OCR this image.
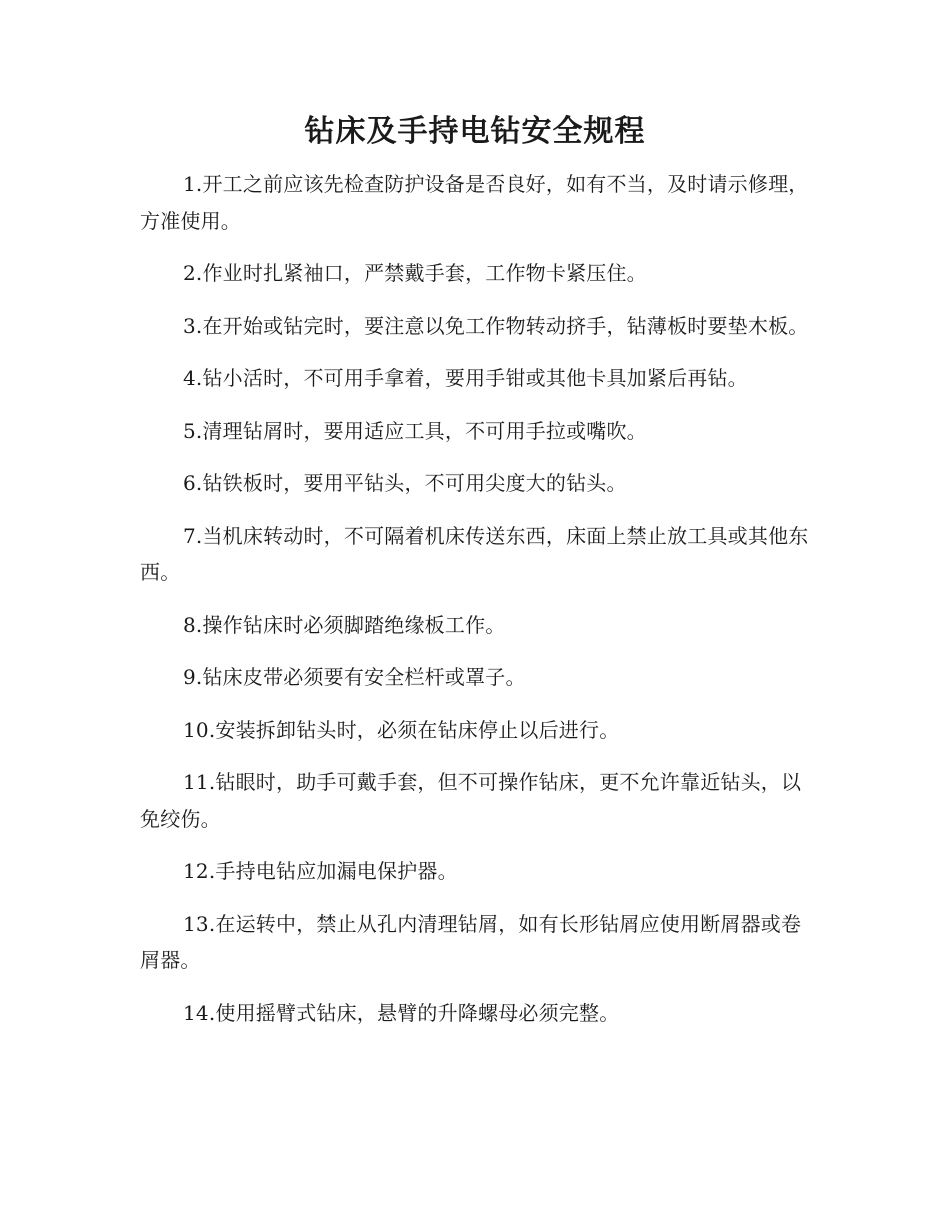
钻床及手持电钻安全规程

1.开工之前应该先检查防护设备是否良好，如有不当，及时请示修理，方准使用。

2.作业时扎紧袖口，严禁戴手套，工作物卡紧压住。

3.在开始或钻完时，要注意以免工作物转动挤手，钻薄板时要垫木板。

4.钻小活时，不可用手拿着，要用手钳或其他卡具加紧后再钻。

5.清理钻屑时，要用适应工具，不可用手拉或嘴吹。

6.钻铁板时，要用平钻头，不可用尖度大的钻头。

7.当机床转动时，不可隔着机床传送东西，床面上禁止放工具或其他东西。

8.操作钻床时必须脚踏绝缘板工作。

9.钻床皮带必须要有安全栏杆或罩子。

10.安装拆卸钻头时，必须在钻床停止以后进行。

11.钻眼时，助手可戴手套，但不可操作钻床，更不允许靠近钻头，以免绞伤。

12.手持电钻应加漏电保护器。

13.在运转中，禁止从孔内清理钻屑，如有长形钻屑应使用断屑器或卷屑器。

14.使用摇臂式钻床，悬臂的升降螺母必须完整。
